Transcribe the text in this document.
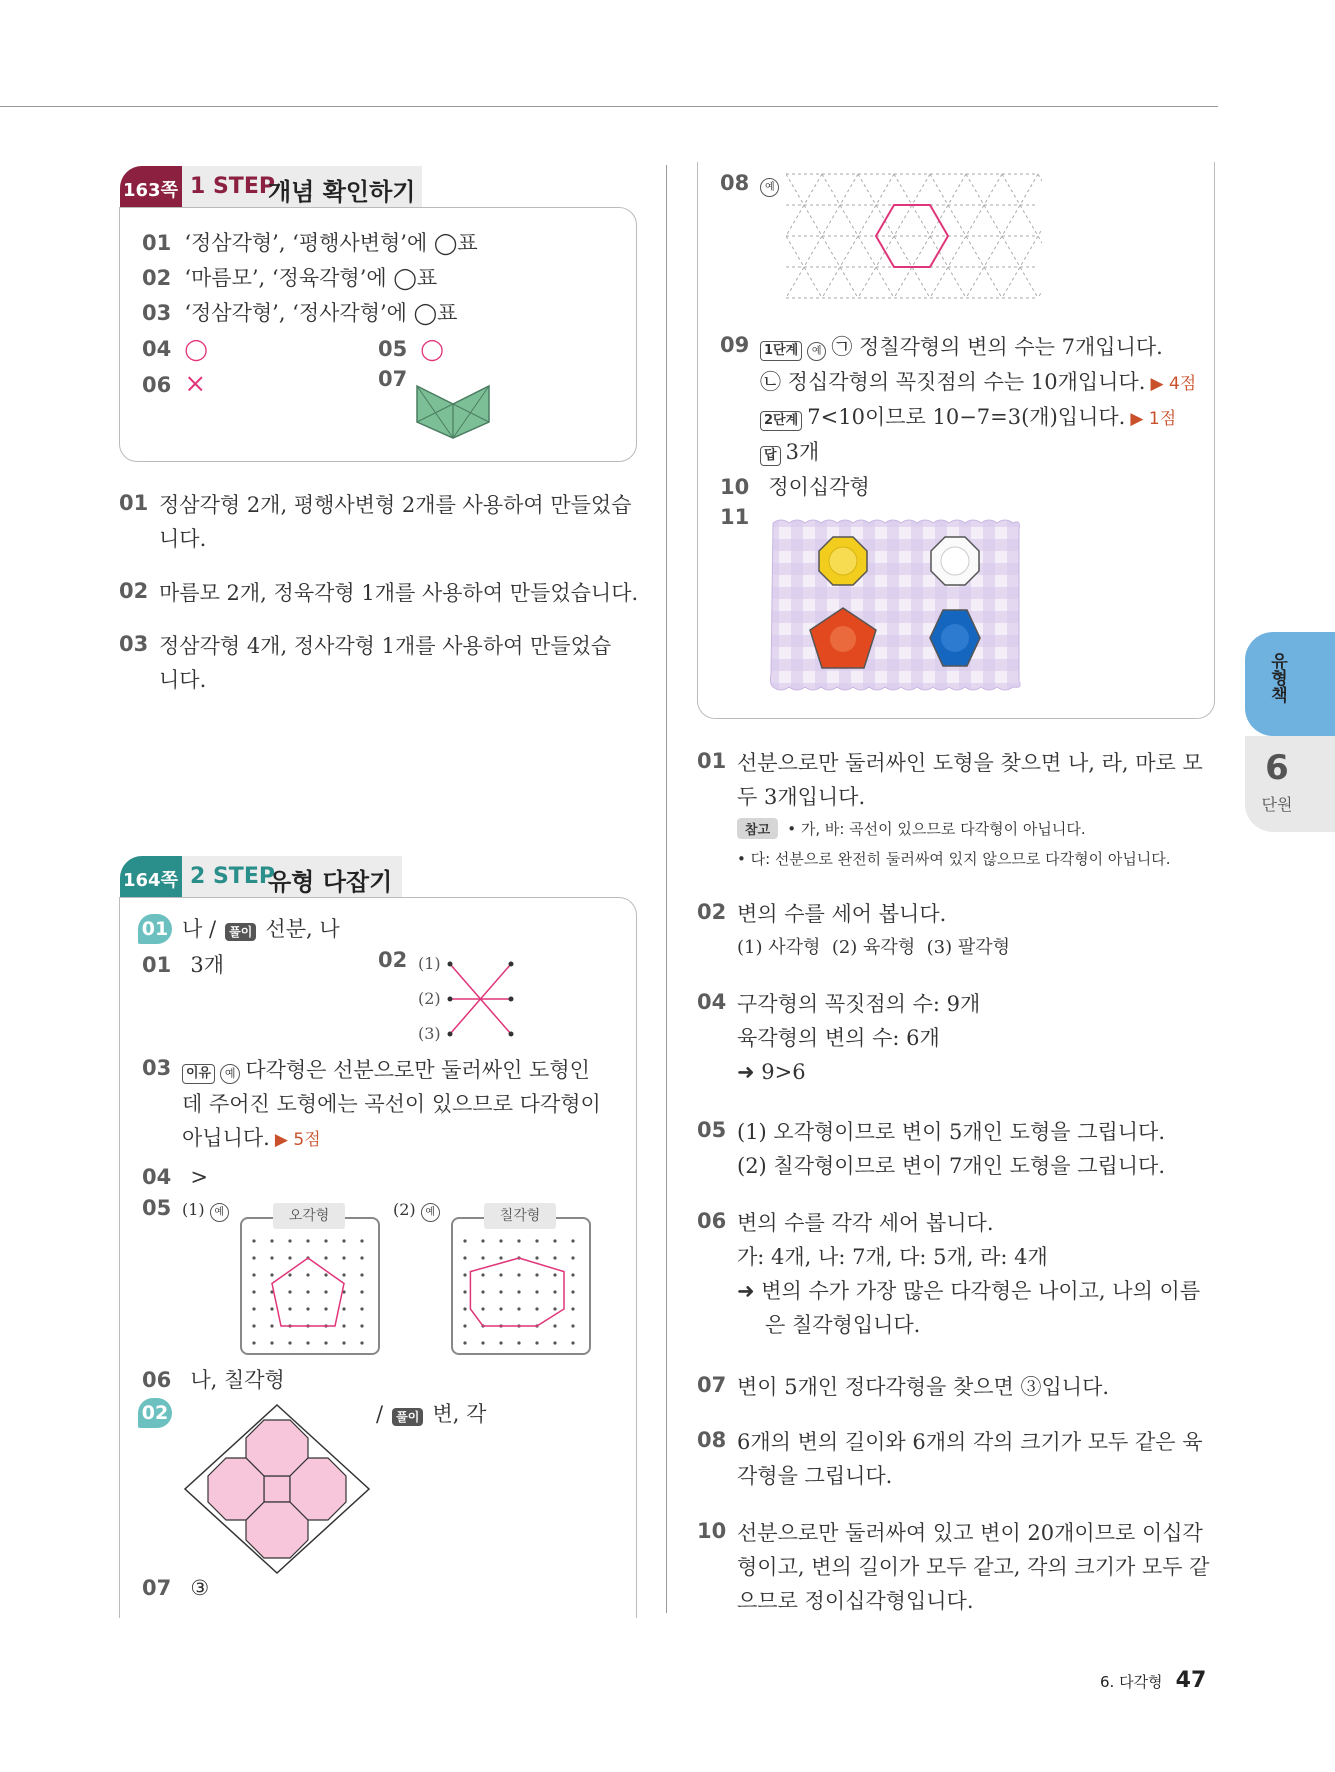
163쪽 1 STEP
개념 확인하기
01 ‘정삼각형’, ‘평행사변형’에 ◯표
02 ‘마름모’, ‘정육각형’에 ◯표
03 ‘정삼각형’, ‘정사각형’에 ◯표
04 ◯	05 ◯
06 ×	07
01 정삼각형 2개, 평행사변형 2개를 사용하여 만들었습
니다.
02 마름모 2개, 정육각형 1개를 사용하여 만들었습니다.
03 정삼각형 4개, 정사각형 1개를 사용하여 만들었습
니다.
164쪽 2 STEP
유형 다잡기
01 나 / 풀이 선분, 나
01 3개	02 (1)
(2)
(3)
03	이유 예 다각형은 선분으로만 둘러싸인 도형인
데 주어진 도형에는 곡선이 있으므로 다각형이
아닙니다. ▶ 5점
04 >
05 (1) 예	(2) 예
오각형	칠각형
06 나, 칠각형
02	/ 풀이 변, 각
07 ③
08 예
09	1단계 예 ㉠ 정칠각형의 변의 수는 7개입니다.
㉡ 정십각형의 꼭짓점의 수는 10개입니다. ▶ 4점
2단계 7<10이므로 10−7=3(개)입니다. ▶ 1점
답 3개
10 정이십각형
11
01 선분으로만 둘러싸인 도형을 찾으면 나, 라, 마로 모
두 3개입니다.
참고 • 가, 바: 곡선이 있으므로 다각형이 아닙니다.
• 다: 선분으로 완전히 둘러싸여 있지 않으므로 다각형이 아닙니다.
02 변의 수를 세어 봅니다.
(1) 사각형  (2) 육각형  (3) 팔각형
04 구각형의 꼭짓점의 수: 9개
육각형의 변의 수: 6개
➜ 9>6
05 (1) 오각형이므로 변이 5개인 도형을 그립니다.
(2) 칠각형이므로 변이 7개인 도형을 그립니다.
06 변의 수를 각각 세어 봅니다.
가: 4개, 나: 7개, 다: 5개, 라: 4개
➜ 변의 수가 가장 많은 다각형은 나이고, 나의 이름
은 칠각형입니다.
07 변이 5개인 정다각형을 찾으면 ③입니다.
08 6개의 변의 길이와 6개의 각의 크기가 모두 같은 육
각형을 그립니다.
10 선분으로만 둘러싸여 있고 변이 20개이므로 이십각
형이고, 변의 길이가 모두 같고, 각의 크기가 모두 같
으므로 정이십각형입니다.
유형책
6
단원
6. 다각형 47
